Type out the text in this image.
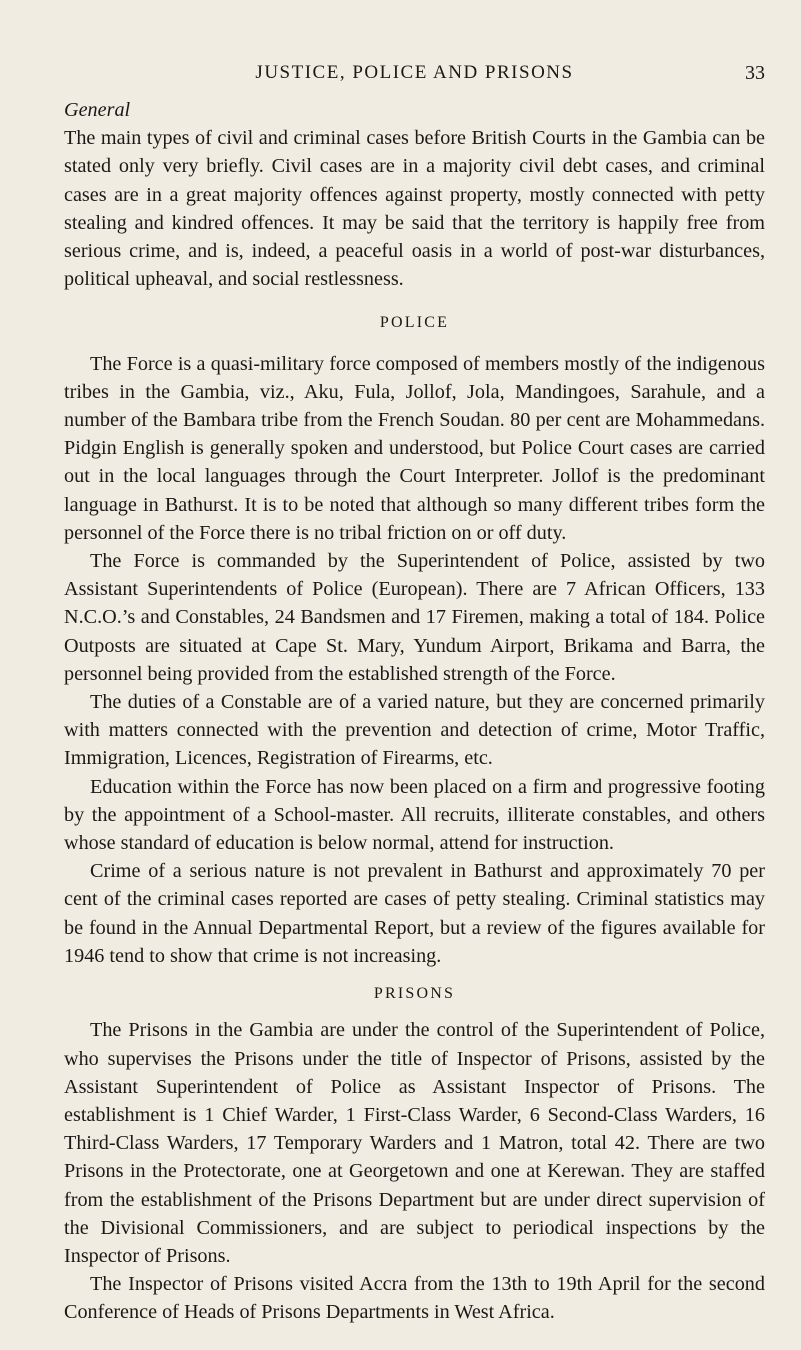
JUSTICE, POLICE AND PRISONS	33
General

The main types of civil and criminal cases before British Courts in the Gambia can be stated only very briefly. Civil cases are in a majority civil debt cases, and criminal cases are in a great majority offences against property, mostly connected with petty stealing and kindred offences. It may be said that the territory is happily free from serious crime, and is, indeed, a peaceful oasis in a world of post-war disturbances, political upheaval, and social restlessness.

POLICE

The Force is a quasi-military force composed of members mostly of the indigenous tribes in the Gambia, viz., Aku, Fula, Jollof, Jola, Mandingoes, Sarahule, and a number of the Bambara tribe from the French Soudan. 80 per cent are Mohammedans. Pidgin English is generally spoken and understood, but Police Court cases are carried out in the local languages through the Court Interpreter. Jollof is the predominant language in Bathurst. It is to be noted that although so many different tribes form the personnel of the Force there is no tribal friction on or off duty.

The Force is commanded by the Superintendent of Police, assisted by two Assistant Superintendents of Police (European). There are 7 African Officers, 133 N.C.O.’s and Constables, 24 Bandsmen and 17 Firemen, making a total of 184. Police Outposts are situated at Cape St. Mary, Yundum Airport, Brikama and Barra, the personnel being provided from the established strength of the Force.

The duties of a Constable are of a varied nature, but they are concerned primarily with matters connected with the prevention and detection of crime, Motor Traffic, Immigration, Licences, Registration of Firearms, etc.

Education within the Force has now been placed on a firm and progressive footing by the appointment of a School-master. All recruits, illiterate constables, and others whose standard of education is below normal, attend for instruction.

Crime of a serious nature is not prevalent in Bathurst and approximately 70 per cent of the criminal cases reported are cases of petty stealing. Criminal statistics may be found in the Annual Departmental Report, but a review of the figures available for 1946 tend to show that crime is not increasing.

PRISONS

The Prisons in the Gambia are under the control of the Superintendent of Police, who supervises the Prisons under the title of Inspector of Prisons, assisted by the Assistant Superintendent of Police as Assistant Inspector of Prisons. The establishment is 1 Chief Warder, 1 First-Class Warder, 6 Second-Class Warders, 16 Third-Class Warders, 17 Temporary Warders and 1 Matron, total 42. There are two Prisons in the Protectorate, one at Georgetown and one at Kerewan. They are staffed from the establishment of the Prisons Department but are under direct supervision of the Divisional Commissioners, and are subject to periodical inspections by the Inspector of Prisons.

The Inspector of Prisons visited Accra from the 13th to 19th April for the second Conference of Heads of Prisons Departments in West Africa.
